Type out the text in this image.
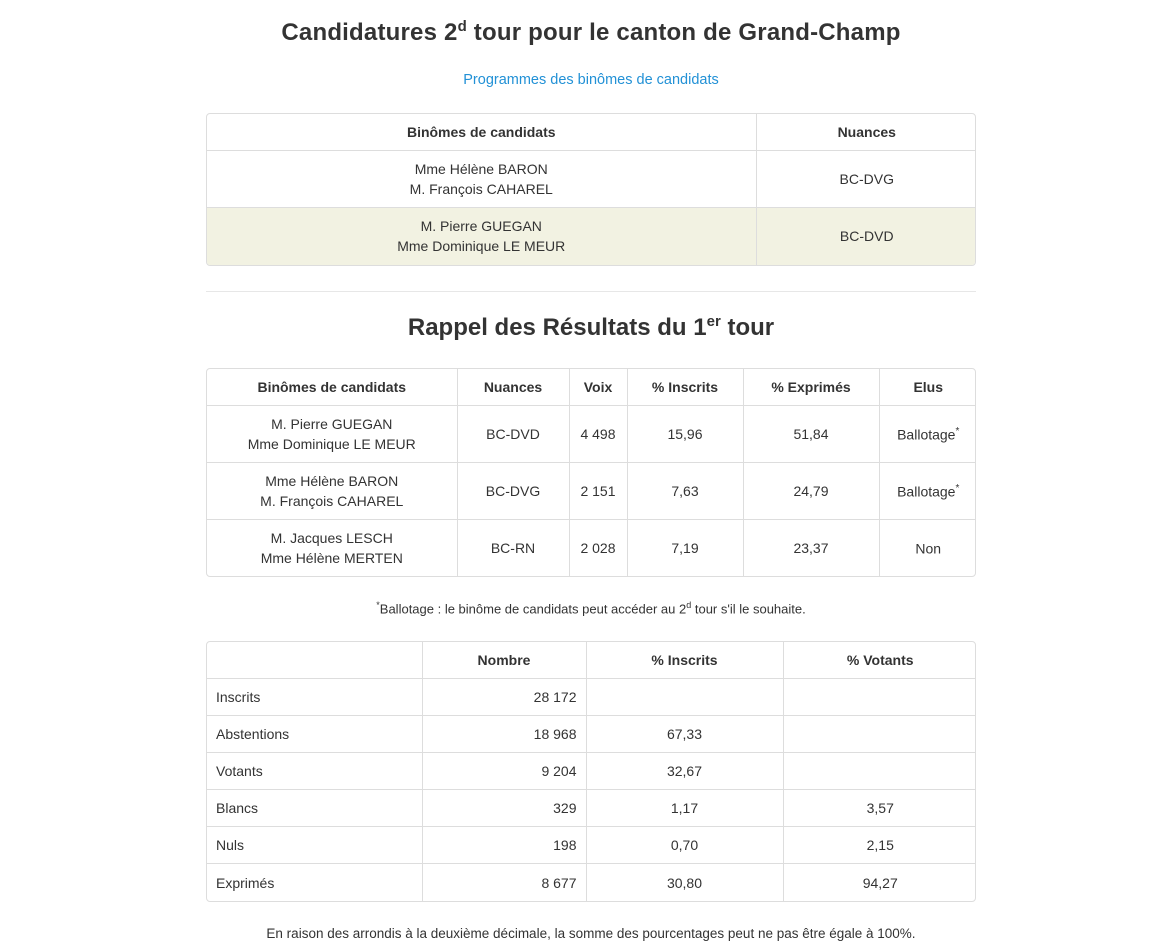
Candidatures 2$^d$ tour pour le canton de Grand-Champ
Programmes des binômes de candidats
Binômes de candidats	Nuances

Mme Hélène BARON
M. François CAHAREL	BC-DVG

M. Pierre GUEGAN
Mme Dominique LE MEUR	BC-DVD
Rappel des Résultats du 1er tour
Binômes de candidats	Nuances	Voix	% Inscrits	% Exprimés	Elus

M. Pierre GUEGAN
Mme Dominique LE MEUR	BC-DVD	4 498	15,96	51,84	Ballotage*

Mme Hélène BARON
M. François CAHAREL	BC-DVG	2 151	7,63	24,79	Ballotage*

M. Jacques LESCH
Mme Hélène MERTEN	BC-RN	2 028	7,19	23,37	Non

*Ballotage : le binôme de candidats peut accéder au 2$^d$ tour s'il le souhaite.

	Nombre	% Inscrits	% Votants
Inscrits	28 172		
Abstentions	18 968	67,33	
Votants	9 204	32,67	
Blancs	329	1,17	3,57
Nuls	198	0,70	2,15
Exprimés	8 677	30,80	94,27

En raison des arrondis à la deuxième décimale, la somme des pourcentages peut ne pas être égale à 100%.
